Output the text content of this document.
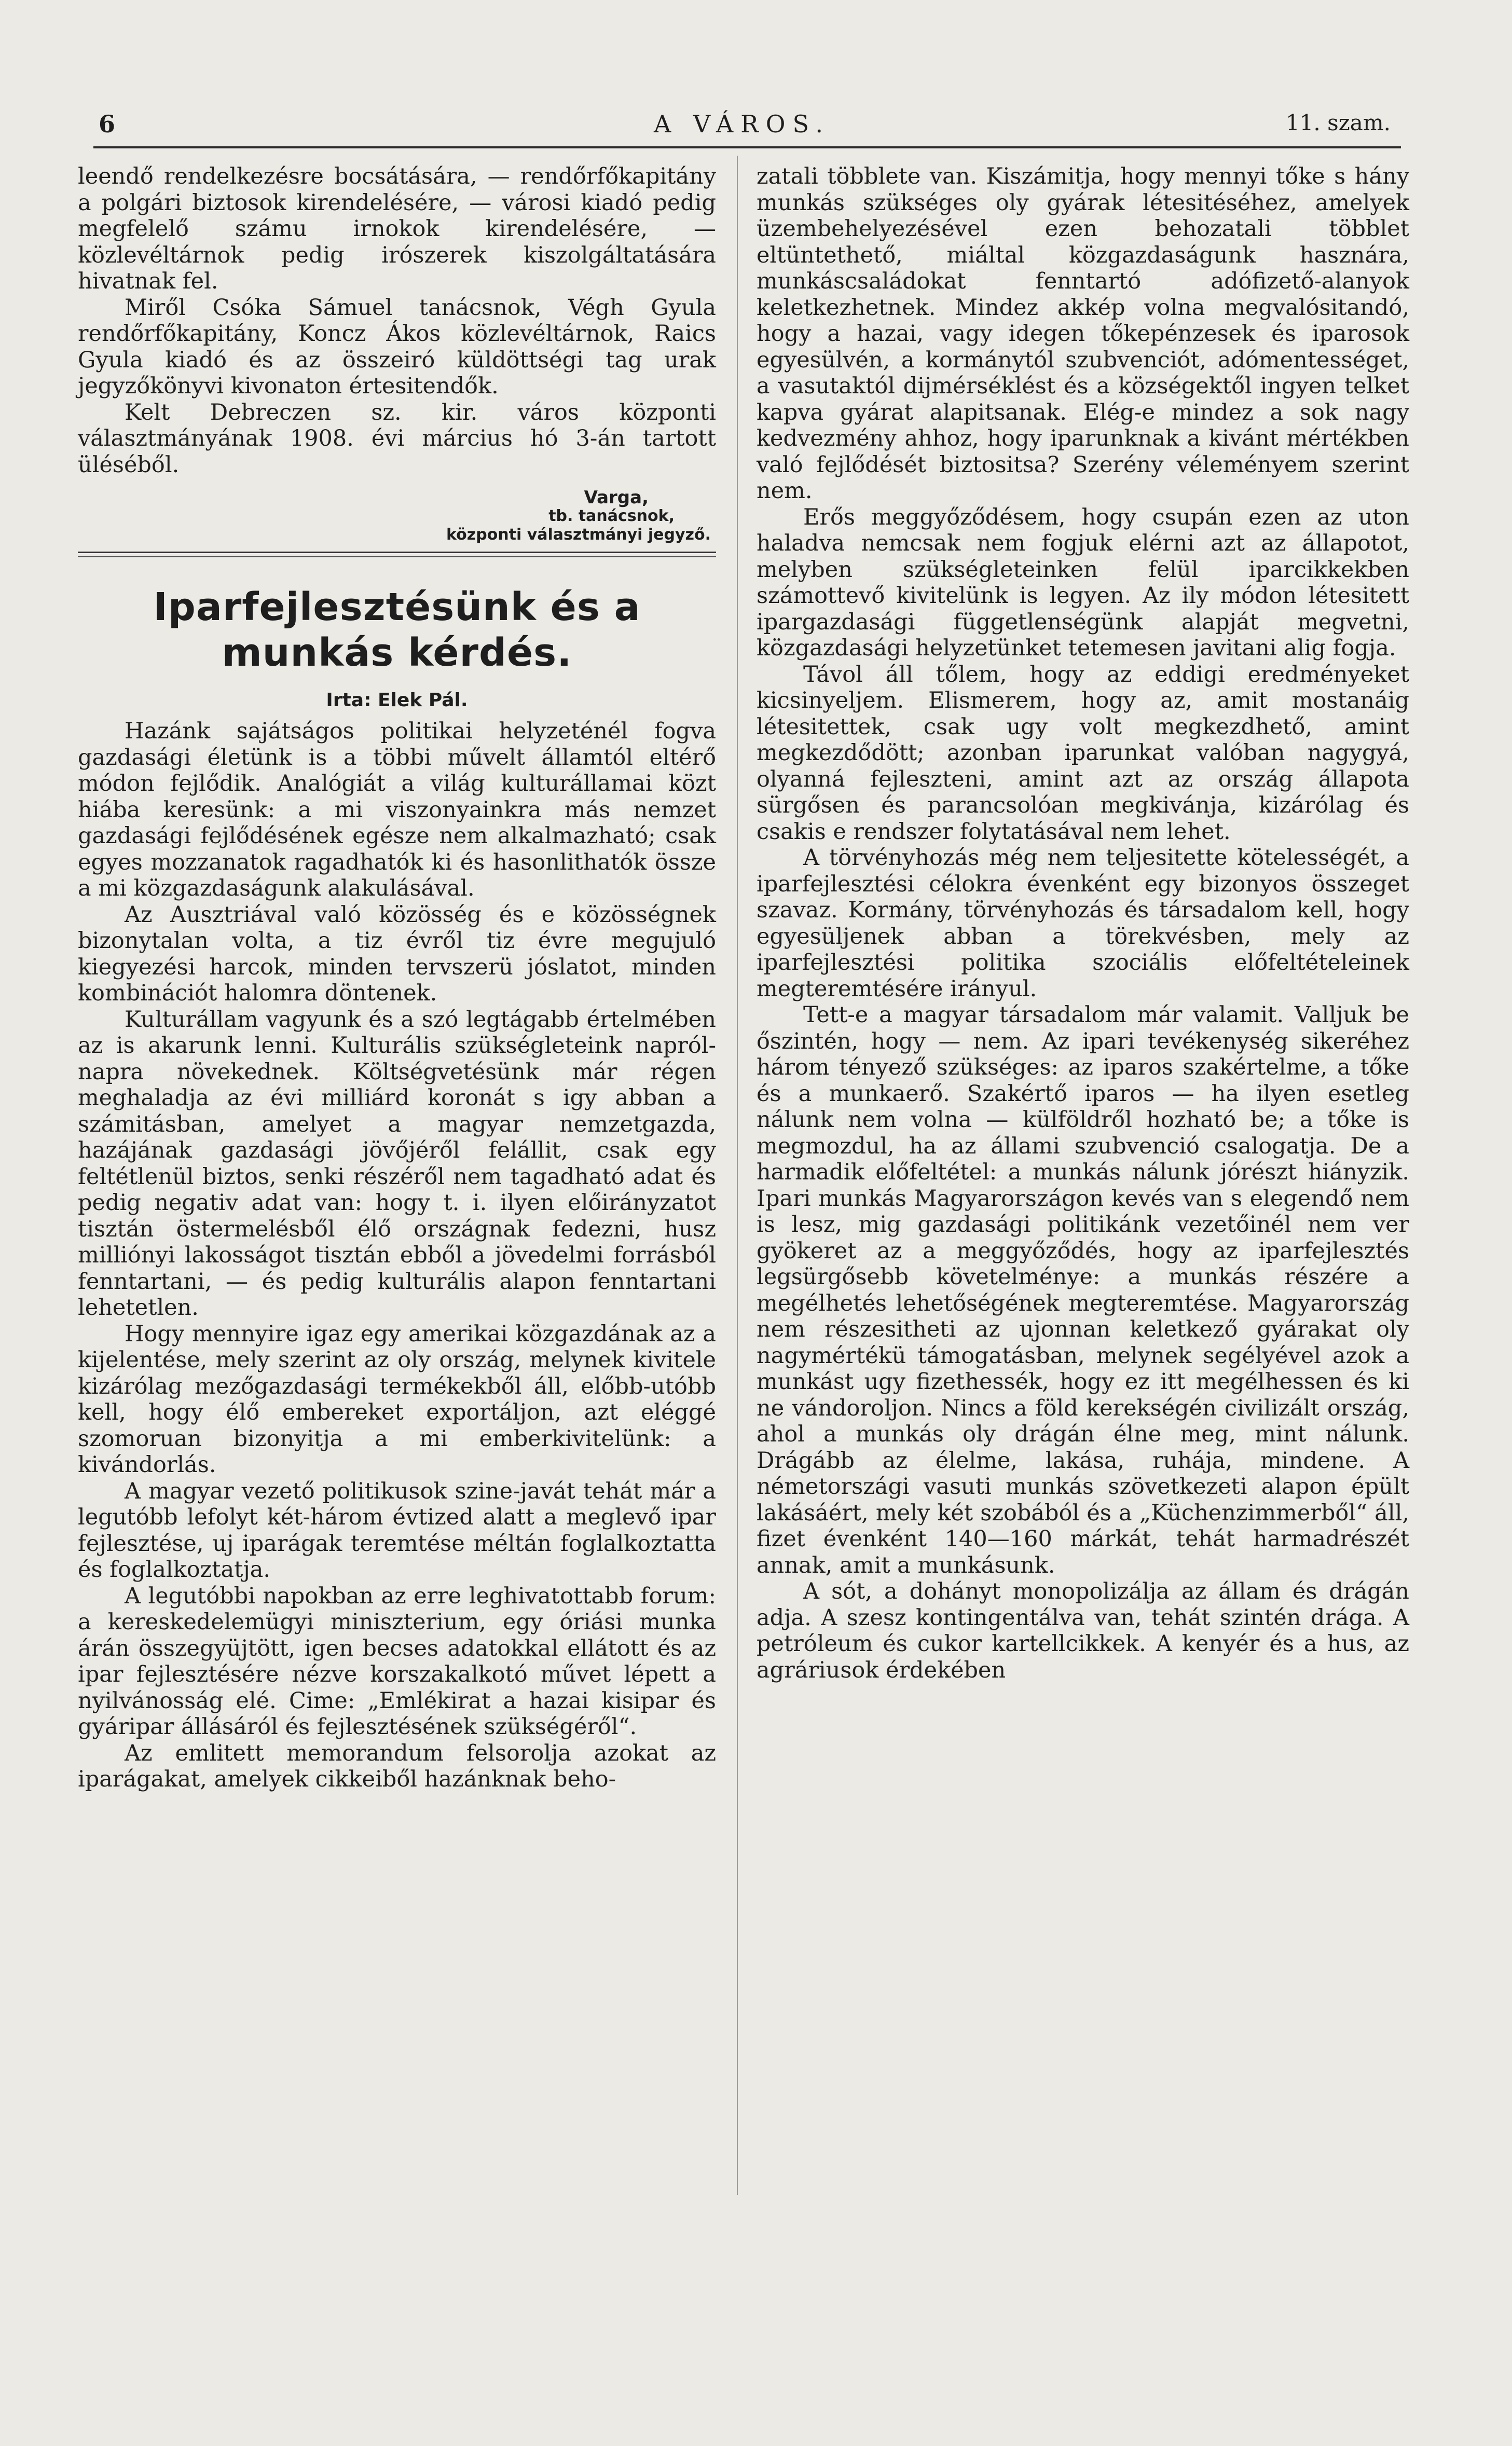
6	A VÁROS.	11. szam.

leendő rendelkezésre bocsátására, — rendőrfőkapitány a polgári biztosok kirendelésére, — városi kiadó pedig megfelelő számu irnokok kirendelésére, — közlevéltárnok pedig irószerek kiszolgáltatására hivatnak fel.

Miről Csóka Sámuel tanácsnok, Végh Gyula rendőrfőkapitány, Koncz Ákos közlevéltárnok, Raics Gyula kiadó és az összeiró küldöttségi tag urak jegyzőkönyvi kivonaton értesitendők.

Kelt Debreczen sz. kir. város központi választmányának 1908. évi március hó 3-án tartott üléséből.

Varga,
tb. tanácsnok,
központi választmányi jegyző.
Iparfejlesztésünk és a munkás kérdés.
Irta: Elek Pál.

Hazánk sajátságos politikai helyzeténél fogva gazdasági életünk is a többi művelt államtól eltérő módon fejlődik. Analógiát a világ kulturállamai közt hiába keresünk: a mi viszonyainkra más nemzet gazdasági fejlődésének egésze nem alkalmazható; csak egyes mozzanatok ragadhatók ki és hasonlithatók össze a mi közgazdaságunk alakulásával.

Az Ausztriával való közösség és e közösségnek bizonytalan volta, a tiz évről tiz évre megujuló kiegyezési harcok, minden tervszerü jóslatot, minden kombinációt halomra döntenek.

Kulturállam vagyunk és a szó legtágabb értelmében az is akarunk lenni. Kulturális szükségleteink napról-napra növekednek. Költségvetésünk már régen meghaladja az évi milliárd koronát s igy abban a számitásban, amelyet a magyar nemzetgazda, hazájának gazdasági jövőjéről felállit, csak egy feltétlenül biztos, senki részéről nem tagadható adat és pedig negativ adat van: hogy t. i. ilyen előirányzatot tisztán östermelésből élő országnak fedezni, husz milliónyi lakosságot tisztán ebből a jövedelmi forrásból fenntartani, — és pedig kulturális alapon fenntartani lehetetlen.

Hogy mennyire igaz egy amerikai közgazdának az a kijelentése, mely szerint az oly ország, melynek kivitele kizárólag mezőgazdasági termékekből áll, előbb-utóbb kell, hogy élő embereket exportáljon, azt eléggé szomoruan bizonyitja a mi emberkivitelünk: a kivándorlás.

A magyar vezető politikusok szine-javát tehát már a legutóbb lefolyt két-három évtized alatt a meglevő ipar fejlesztése, uj iparágak teremtése méltán foglalkoztatta és foglalkoztatja.

A legutóbbi napokban az erre leghivatottabb forum: a kereskedelemügyi miniszterium, egy óriási munka árán összegyüjtött, igen becses adatokkal ellátott és az ipar fejlesztésére nézve korszakalkotó művet lépett a nyilvánosság elé. Cime: „Emlékirat a hazai kisipar és gyáripar állásáról és fejlesztésének szükségéről“.

Az emlitett memorandum felsorolja azokat az iparágakat, amelyek cikkeiből hazánknak beho-

zatali többlete van. Kiszámitja, hogy mennyi tőke s hány munkás szükséges oly gyárak létesitéséhez, amelyek üzembehelyezésével ezen behozatali többlet eltüntethető, miáltal közgazdaságunk hasznára, munkáscsaládokat fenntartó adófizető-alanyok keletkezhetnek. Mindez akkép volna megvalósitandó, hogy a hazai, vagy idegen tőkepénzesek és iparosok egyesülvén, a kormánytól szubvenciót, adómentességet, a vasutaktól dijmérséklést és a községektől ingyen telket kapva gyárat alapitsanak. Elég-e mindez a sok nagy kedvezmény ahhoz, hogy iparunknak a kivánt mértékben való fejlődését biztositsa? Szerény véleményem szerint nem.

Erős meggyőződésem, hogy csupán ezen az uton haladva nemcsak nem fogjuk elérni azt az állapotot, melyben szükségleteinken felül iparcikkekben számottevő kivitelünk is legyen. Az ily módon létesitett ipargazdasági függetlenségünk alapját megvetni, közgazdasági helyzetünket tetemesen javitani alig fogja.

Távol áll tőlem, hogy az eddigi eredményeket kicsinyeljem. Elismerem, hogy az, amit mostanáig létesitettek, csak ugy volt megkezdhető, amint megkezdődött; azonban iparunkat valóban nagygyá, olyanná fejleszteni, amint azt az ország állapota sürgősen és parancsolóan megkivánja, kizárólag és csakis e rendszer folytatásával nem lehet.

A törvényhozás még nem teljesitette kötelességét, a iparfejlesztési célokra évenként egy bizonyos összeget szavaz. Kormány, törvényhozás és társadalom kell, hogy egyesüljenek abban a törekvésben, mely az iparfejlesztési politika szociális előfeltételeinek megteremtésére irányul.

Tett-e a magyar társadalom már valamit. Valljuk be őszintén, hogy — nem. Az ipari tevékenység sikeréhez három tényező szükséges: az iparos szakértelme, a tőke és a munkaerő. Szakértő iparos — ha ilyen esetleg nálunk nem volna — külföldről hozható be; a tőke is megmozdul, ha az állami szubvenció csalogatja. De a harmadik előfeltétel: a munkás nálunk jórészt hiányzik. Ipari munkás Magyarországon kevés van s elegendő nem is lesz, mig gazdasági politikánk vezetőinél nem ver gyökeret az a meggyőződés, hogy az iparfejlesztés legsürgősebb követelménye: a munkás részére a megélhetés lehetőségének megteremtése. Magyarország nem részesitheti az ujonnan keletkező gyárakat oly nagymértékü támogatásban, melynek segélyével azok a munkást ugy fizethessék, hogy ez itt megélhessen és ki ne vándoroljon. Nincs a föld kerekségén civilizált ország, ahol a munkás oly drágán élne meg, mint nálunk. Drágább az élelme, lakása, ruhája, mindene. A németországi vasuti munkás szövetkezeti alapon épült lakásáért, mely két szobából és a „Küchenzimmerből“ áll, fizet évenként 140—160 márkát, tehát harmadrészét annak, amit a munkásunk.

A sót, a dohányt monopolizálja az állam és drágán adja. A szesz kontingentálva van, tehát szintén drága. A petróleum és cukor kartellcikkek. A kenyér és a hus, az agráriusok érdekében
